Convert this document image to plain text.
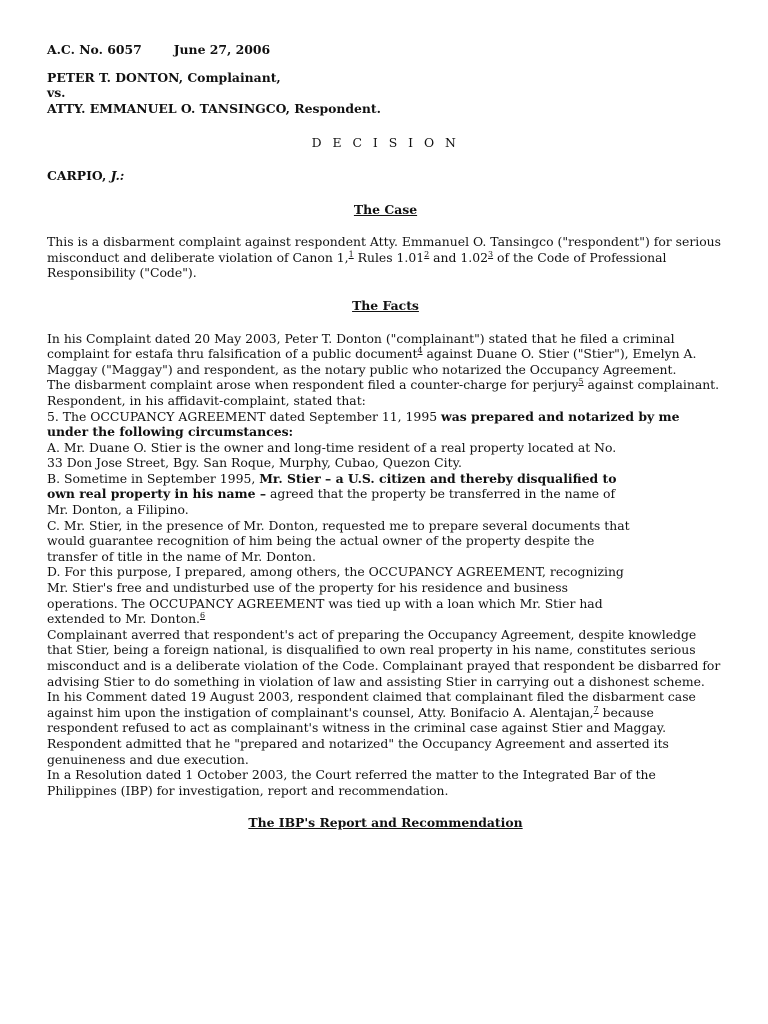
A.C. No. 6057	June 27, 2006
PETER T. DONTON, Complainant,
vs.
ATTY. EMMANUEL O. TANSINGCO, Respondent.
D E C I S I O N
CARPIO, J.:
The Case

This is a disbarment complaint against respondent Atty. Emmanuel O. Tansingco ("respondent") for serious misconduct and deliberate violation of Canon 1,$^1$ Rules 1.01$^2$ and 1.02$^3$ of the Code of Professional Responsibility ("Code").

The Facts

In his Complaint dated 20 May 2003, Peter T. Donton ("complainant") stated that he filed a criminal complaint for estafa thru falsification of a public document$^4$ against Duane O. Stier ("Stier"), Emelyn A. Maggay ("Maggay") and respondent, as the notary public who notarized the Occupancy Agreement.

The disbarment complaint arose when respondent filed a counter-charge for perjury$^5$ against complainant. Respondent, in his affidavit-complaint, stated that:

5. The OCCUPANCY AGREEMENT dated September 11, 1995 was prepared and notarized by me under the following circumstances:

A. Mr. Duane O. Stier is the owner and long-time resident of a real property located at No. 33 Don Jose Street, Bgy. San Roque, Murphy, Cubao, Quezon City.

B. Sometime in September 1995, Mr. Stier – a U.S. citizen and thereby disqualified to own real property in his name – agreed that the property be transferred in the name of Mr. Donton, a Filipino.

C. Mr. Stier, in the presence of Mr. Donton, requested me to prepare several documents that would guarantee recognition of him being the actual owner of the property despite the transfer of title in the name of Mr. Donton.

D. For this purpose, I prepared, among others, the OCCUPANCY AGREEMENT, recognizing Mr. Stier's free and undisturbed use of the property for his residence and business operations. The OCCUPANCY AGREEMENT was tied up with a loan which Mr. Stier had extended to Mr. Donton.$^6$

Complainant averred that respondent's act of preparing the Occupancy Agreement, despite knowledge that Stier, being a foreign national, is disqualified to own real property in his name, constitutes serious misconduct and is a deliberate violation of the Code. Complainant prayed that respondent be disbarred for advising Stier to do something in violation of law and assisting Stier in carrying out a dishonest scheme.

In his Comment dated 19 August 2003, respondent claimed that complainant filed the disbarment case against him upon the instigation of complainant's counsel, Atty. Bonifacio A. Alentajan,$^7$ because respondent refused to act as complainant's witness in the criminal case against Stier and Maggay. Respondent admitted that he "prepared and notarized" the Occupancy Agreement and asserted its genuineness and due execution.

In a Resolution dated 1 October 2003, the Court referred the matter to the Integrated Bar of the Philippines (IBP) for investigation, report and recommendation.

The IBP's Report and Recommendation
